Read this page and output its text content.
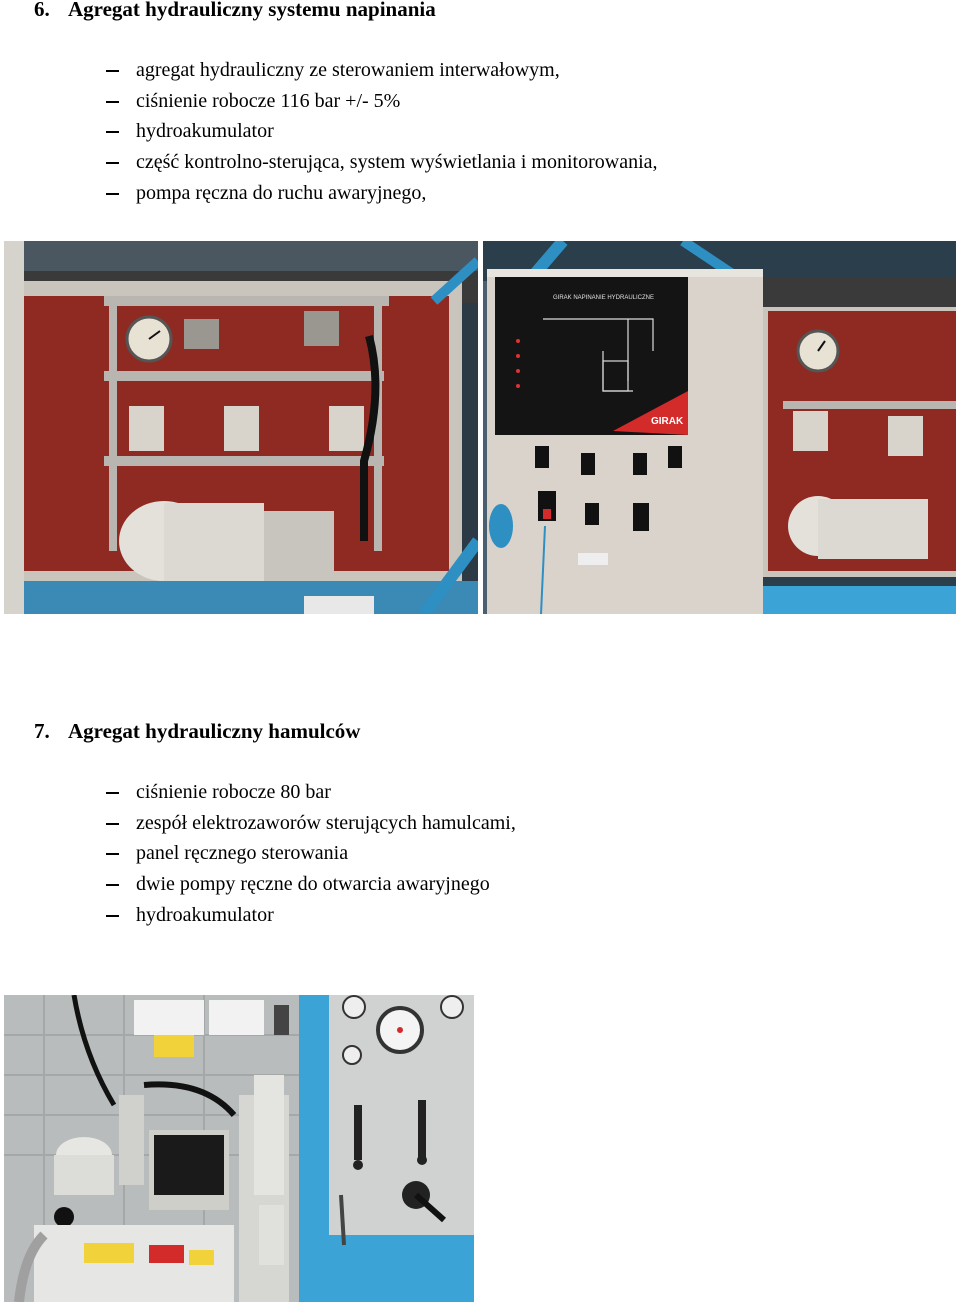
6. Agregat hydrauliczny systemu napinania
agregat hydrauliczny ze sterowaniem interwałowym,
ciśnienie robocze 116 bar +/- 5%
hydroakumulator
część kontrolno-sterująca, system wyświetlania i monitorowania,
pompa ręczna do ruchu awaryjnego,
GIRAK NAPINANIE HYDRAULICZNE
GIRAK
7. Agregat hydrauliczny hamulców
ciśnienie robocze 80 bar
zespół elektrozaworów sterujących hamulcami,
panel ręcznego sterowania
dwie pompy ręczne do otwarcia awaryjnego
hydroakumulator
